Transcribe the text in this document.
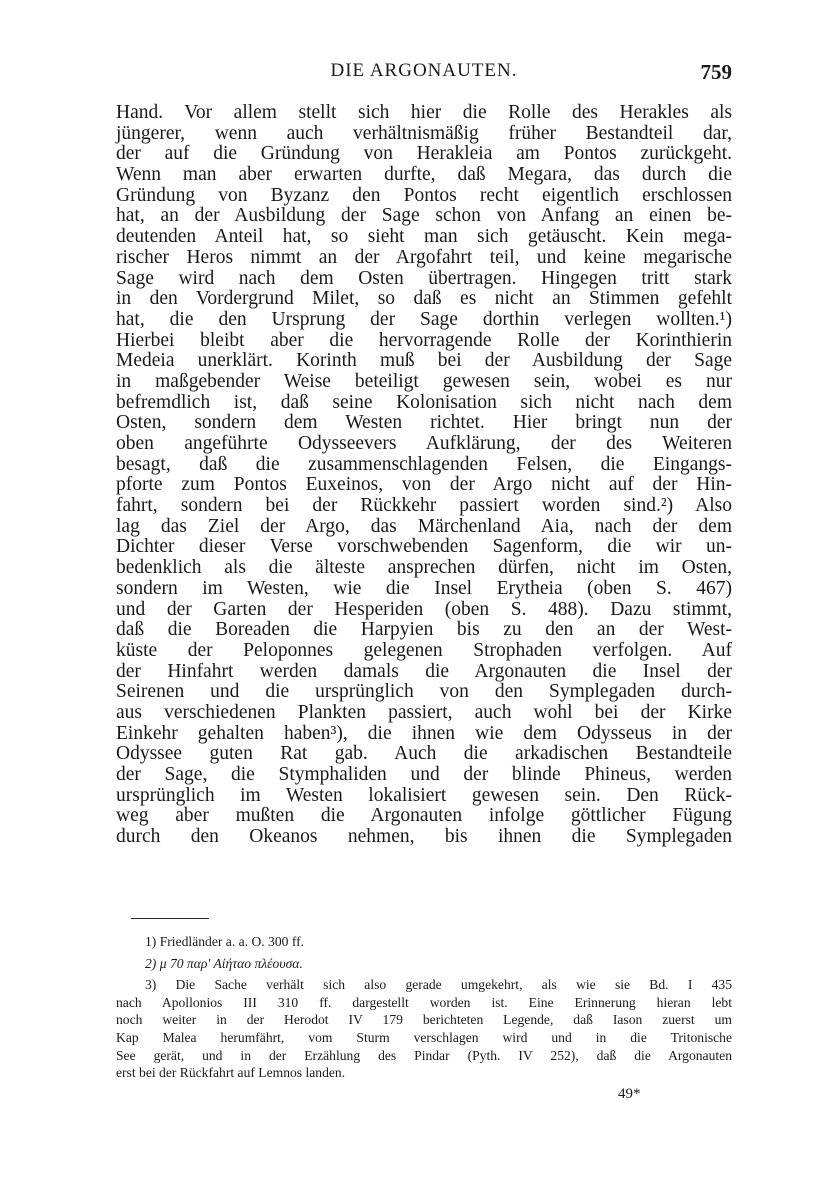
DIE ARGONAUTEN.	759
Hand. Vor allem stellt sich hier die Rolle des Herakles als
jüngerer, wenn auch verhältnismäßig früher Bestandteil dar,
der auf die Gründung von Herakleia am Pontos zurückgeht.
Wenn man aber erwarten durfte, daß Megara, das durch die
Gründung von Byzanz den Pontos recht eigentlich erschlossen
hat, an der Ausbildung der Sage schon von Anfang an einen be-
deutenden Anteil hat, so sieht man sich getäuscht. Kein mega-
rischer Heros nimmt an der Argofahrt teil, und keine megarische
Sage wird nach dem Osten übertragen. Hingegen tritt stark
in den Vordergrund Milet, so daß es nicht an Stimmen gefehlt
hat, die den Ursprung der Sage dorthin verlegen wollten.¹)
Hierbei bleibt aber die hervorragende Rolle der Korinthierin
Medeia unerklärt. Korinth muß bei der Ausbildung der Sage
in maßgebender Weise beteiligt gewesen sein, wobei es nur
befremdlich ist, daß seine Kolonisation sich nicht nach dem
Osten, sondern dem Westen richtet. Hier bringt nun der
oben angeführte Odysseevers Aufklärung, der des Weiteren
besagt, daß die zusammenschlagenden Felsen, die Eingangs-
pforte zum Pontos Euxeinos, von der Argo nicht auf der Hin-
fahrt, sondern bei der Rückkehr passiert worden sind.²) Also
lag das Ziel der Argo, das Märchenland Aia, nach der dem
Dichter dieser Verse vorschwebenden Sagenform, die wir un-
bedenklich als die älteste ansprechen dürfen, nicht im Osten,
sondern im Westen, wie die Insel Erytheia (oben S. 467)
und der Garten der Hesperiden (oben S. 488). Dazu stimmt,
daß die Boreaden die Harpyien bis zu den an der West-
küste der Peloponnes gelegenen Strophaden verfolgen. Auf
der Hinfahrt werden damals die Argonauten die Insel der
Seirenen und die ursprünglich von den Symplegaden durch-
aus verschiedenen Plankten passiert, auch wohl bei der Kirke
Einkehr gehalten haben³), die ihnen wie dem Odysseus in der
Odyssee guten Rat gab. Auch die arkadischen Bestandteile
der Sage, die Stymphaliden und der blinde Phineus, werden
ursprünglich im Westen lokalisiert gewesen sein. Den Rück-
weg aber mußten die Argonauten infolge göttlicher Fügung
durch den Okeanos nehmen, bis ihnen die Symplegaden
1) Friedländer a. a. O. 300 ff.
2) μ 70 παρ' Αἰήταο πλέουσα.
3) Die Sache verhält sich also gerade umgekehrt, als wie sie Bd. I 435
nach Apollonios III 310 ff. dargestellt worden ist. Eine Erinnerung hieran lebt
noch weiter in der Herodot IV 179 berichteten Legende, daß Iason zuerst um
Kap Malea herumfährt, vom Sturm verschlagen wird und in die Tritonische
See gerät, und in der Erzählung des Pindar (Pyth. IV 252), daß die Argonauten
erst bei der Rückfahrt auf Lemnos landen.
49*
